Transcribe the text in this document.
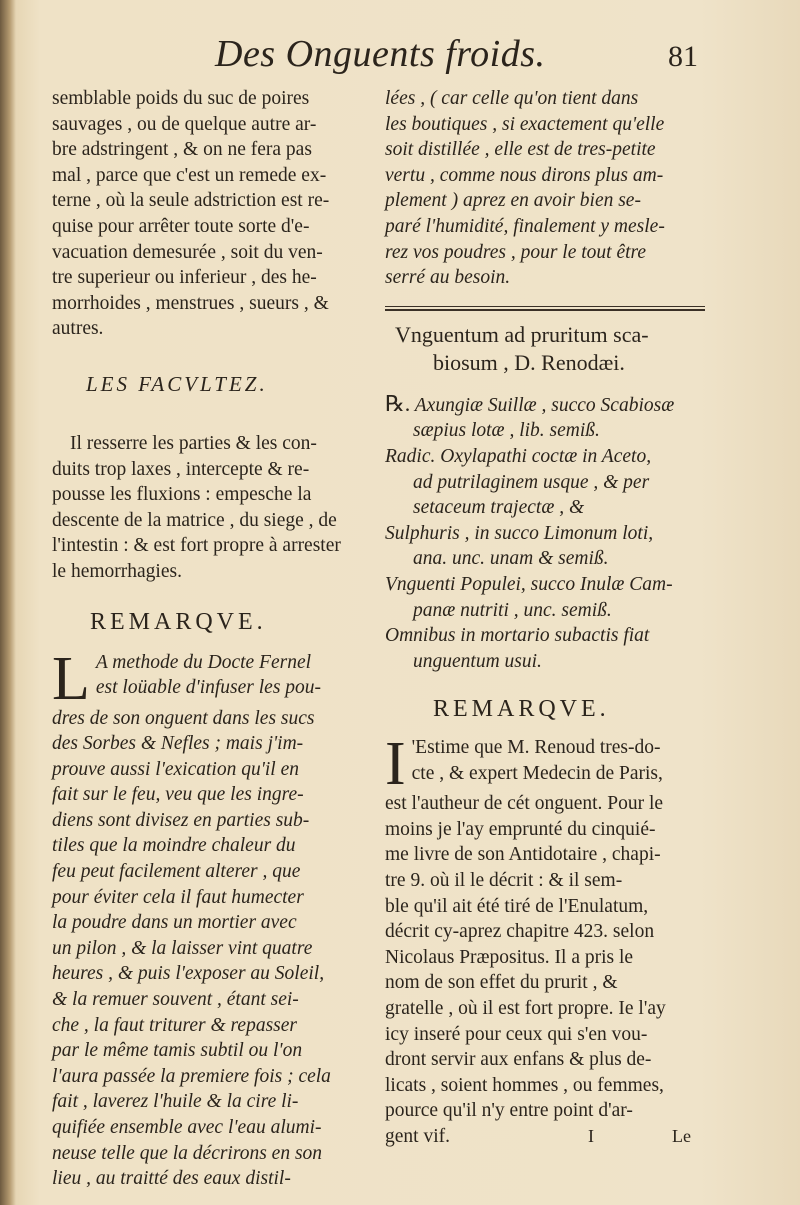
Des Onguents froids.	81

semblable poids du suc de poires
sauvages , ou de quelque autre ar-
bre adstringent , & on ne fera pas
mal , parce que c'est un remede ex-
terne , où la seule adstriction est re-
quise pour arrêter toute sorte d'e-
vacuation demesurée , soit du ven-
tre superieur ou inferieur , des he-
morrhoides , menstrues , sueurs , &
autres.

LES FACVLTEZ.

Il resserre les parties & les con-
duits trop laxes , intercepte & re-
pousse les fluxions : empesche la
descente de la matrice , du siege , de
l'intestin : & est fort propre à arrester
le hemorrhagies.

REMARQVE.

L A methode du Docte Fernel
est loüable d'infuser les pou-
dres de son onguent dans les sucs
des Sorbes & Nefles ; mais j'im-
prouve aussi l'exication qu'il en
fait sur le feu, veu que les ingre-
diens sont divisez en parties sub-
tiles que la moindre chaleur du
feu peut facilement alterer , que
pour éviter cela il faut humecter
la poudre dans un mortier avec
un pilon , & la laisser vint quatre
heures , & puis l'exposer au Soleil,
& la remuer souvent , étant sei-
che , la faut triturer & repasser
par le même tamis subtil ou l'on
l'aura passée la premiere fois ; cela
fait , laverez l'huile & la cire li-
quifiée ensemble avec l'eau alumi-
neuse telle que la décrirons en son
lieu , au traitté des eaux distil-

lées , ( car celle qu'on tient dans
les boutiques , si exactement qu'elle
soit distillée , elle est de tres-petite
vertu , comme nous dirons plus am-
plement ) aprez en avoir bien se-
paré l'humidité, finalement y mesle-
rez vos poudres , pour le tout être
serré au besoin.

Vnguentum ad pruritum sca-

biosum , D. Renodæi.

℞. Axungiæ Suillæ , succo Scabiosæ
sæpius lotæ , lib. semiß.
Radic. Oxylapathi coctæ in Aceto,
ad putrilaginem usque , & per
setaceum trajectæ , &
Sulphuris , in succo Limonum loti,
ana. unc. unam & semiß.
Vnguenti Populei, succo Inulæ Cam-
panæ nutriti , unc. semiß.
Omnibus in mortario subactis fiat
unguentum usui.

REMARQVE.

I 'Estime que M. Renoud tres-do-
cte , & expert Medecin de Paris,
est l'autheur de cét onguent. Pour le
moins je l'ay emprunté du cinquié-
me livre de son Antidotaire , chapi-
tre 9. où il le décrit : & il sem-
ble qu'il ait été tiré de l'Enulatum,
décrit cy-aprez chapitre 423. selon
Nicolaus Præpositus. Il a pris le
nom de son effet du prurit , &
gratelle , où il est fort propre. Ie l'ay
icy inseré pour ceux qui s'en vou-
dront servir aux enfans & plus de-
licats , soient hommes , ou femmes,
pource qu'il n'y entre point d'ar-
gent vif.	I	Le
